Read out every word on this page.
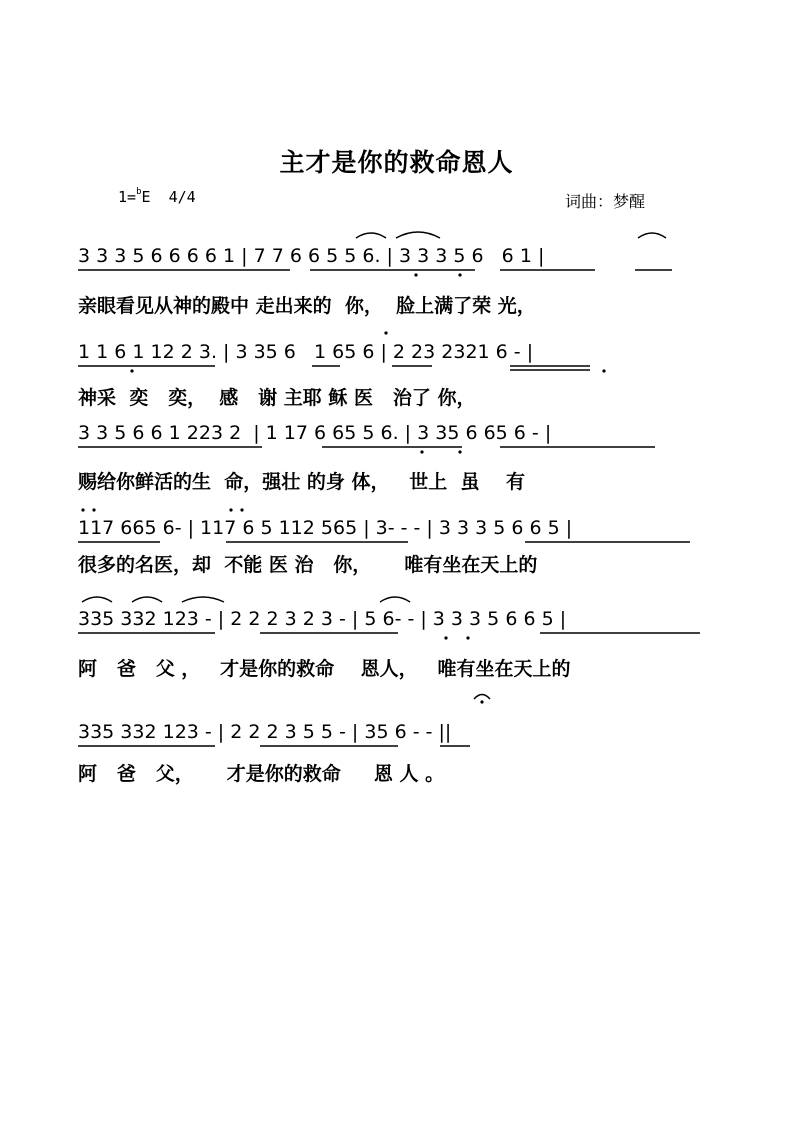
主才是你的救命恩人
1=$^b$E 4/4	词曲：梦醒
3 3 3 5 6 6 6 6 1 | 7 7 6 6 5 5 6. | 3 3 3 5 6   6 1 |
亲眼看见从神的殿中 走出来的  你，  脸上满了荣 光，
1 1 6 1 12 2 3. | 3 35 6   1 65 6 | 2 23 2321 6 - |
神采  奕   奕，  感   谢 主耶 稣 医   治了 你，
3 3 5 6 6 1 223 2  | 1 17 6 65 5 6. | 3 35 6 65 6 - |
赐给你鲜活的生  命，强壮 的身 体，   世上  虽    有
117 665 6- | 117 6 5 112 565 | 3- - - | 3 3 3 5 6 6 5 |
很多的名医，却  不能 医 治   你，     唯有坐在天上的
335 332 123 - | 2 2 2 3 2 3 - | 5 6- - | 3 3 3 5 6 6 5 |
阿   爸   父 ，   才是你的救命    恩人，   唯有坐在天上的
335 332 123 - | 2 2 2 3 5 5 - | 35 6 - - ||
阿   爸   父，     才是你的救命     恩 人 。
